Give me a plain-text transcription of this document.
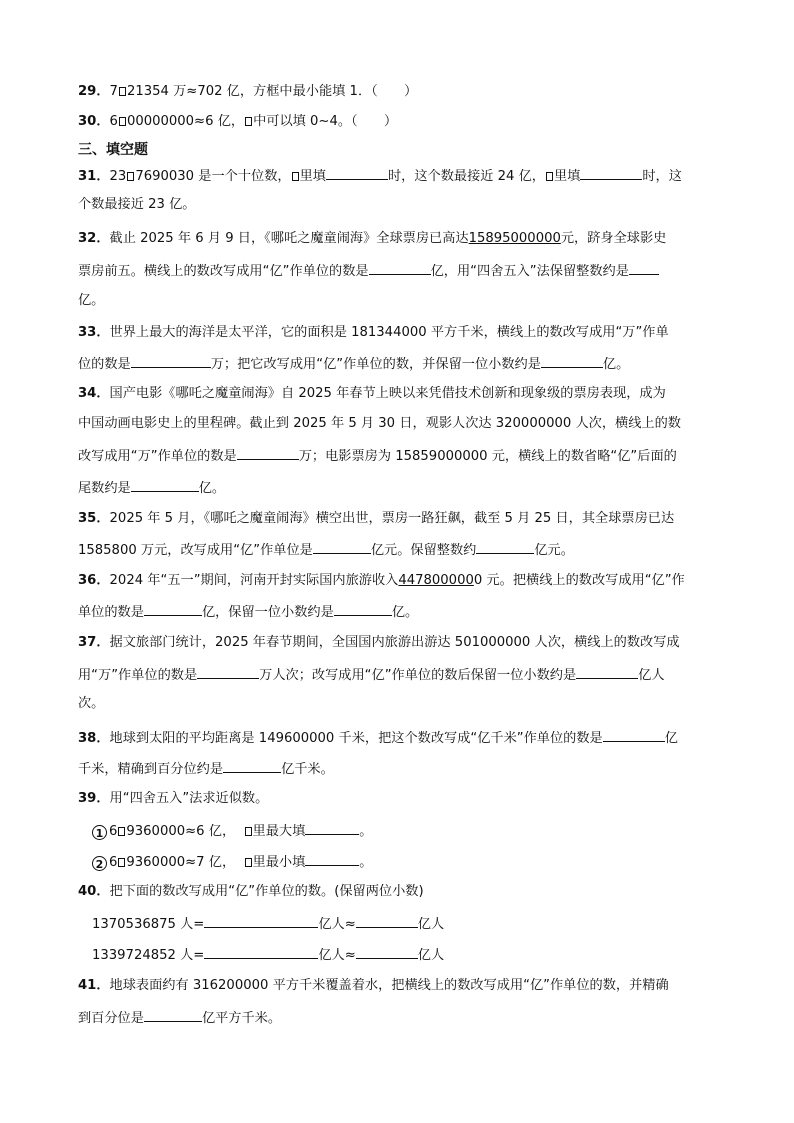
29．7 21354 万≈702 亿，方框中最小能填 1．（　　）
30．6 00000000≈6 亿， 中可以填 0~4。（　　）
三、填空题
31．23 7690030 是一个十位数， 里填	时，这个数最接近 24 亿， 里填	时，这
个数最接近 23 亿。
32．截止 2025 年 6 月 9 日，《哪吒之魔童闹海》全球票房已高达15895000000元，跻身全球影史
票房前五。横线上的数改写成用“亿”作单位的数是	亿，用“四舍五入”法保留整数约是
亿。
33．世界上最大的海洋是太平洋，它的面积是 181344000 平方千米，横线上的数改写成用“万”作单
位的数是	万；把它改写成用“亿”作单位的数，并保留一位小数约是	亿。
34．国产电影《哪吒之魔童闹海》自 2025 年春节上映以来凭借技术创新和现象级的票房表现，成为
中国动画电影史上的里程碑。截止到 2025 年 5 月 30 日，观影人次达 320000000 人次，横线上的数
改写成用“万”作单位的数是	万；电影票房为 15859000000 元，横线上的数省略“亿”后面的
尾数约是	亿。
35．2025 年 5 月，《哪吒之魔童闹海》横空出世，票房一路狂飙，截至 5 月 25 日，其全球票房已达
1585800 万元，改写成用“亿”作单位是	亿元。保留整数约	亿元。
36．2024 年“五一”期间，河南开封实际国内旅游收入4478000000 元。把横线上的数改写成用“亿”作
单位的数是	亿，保留一位小数约是	亿。
37．据文旅部门统计，2025 年春节期间，全国国内旅游出游达 501000000 人次，横线上的数改写成
用“万”作单位的数是	万人次；改写成用“亿”作单位的数后保留一位小数约是	亿人
次。
38．地球到太阳的平均距离是 149600000 千米，把这个数改写成“亿千米”作单位的数是	亿
千米，精确到百分位约是	亿千米。
39．用“四舍五入”法求近似数。
1 6 9360000≈6 亿， 里最大填	。
2 6 9360000≈7 亿， 里最小填	。
40．把下面的数改写成用“亿”作单位的数。(保留两位小数)
1370536875 人=	亿人≈	亿人
1339724852 人=	亿人≈	亿人
41．地球表面约有 316200000 平方千米覆盖着水，把横线上的数改写成用“亿”作单位的数，并精确
到百分位是	亿平方千米。
